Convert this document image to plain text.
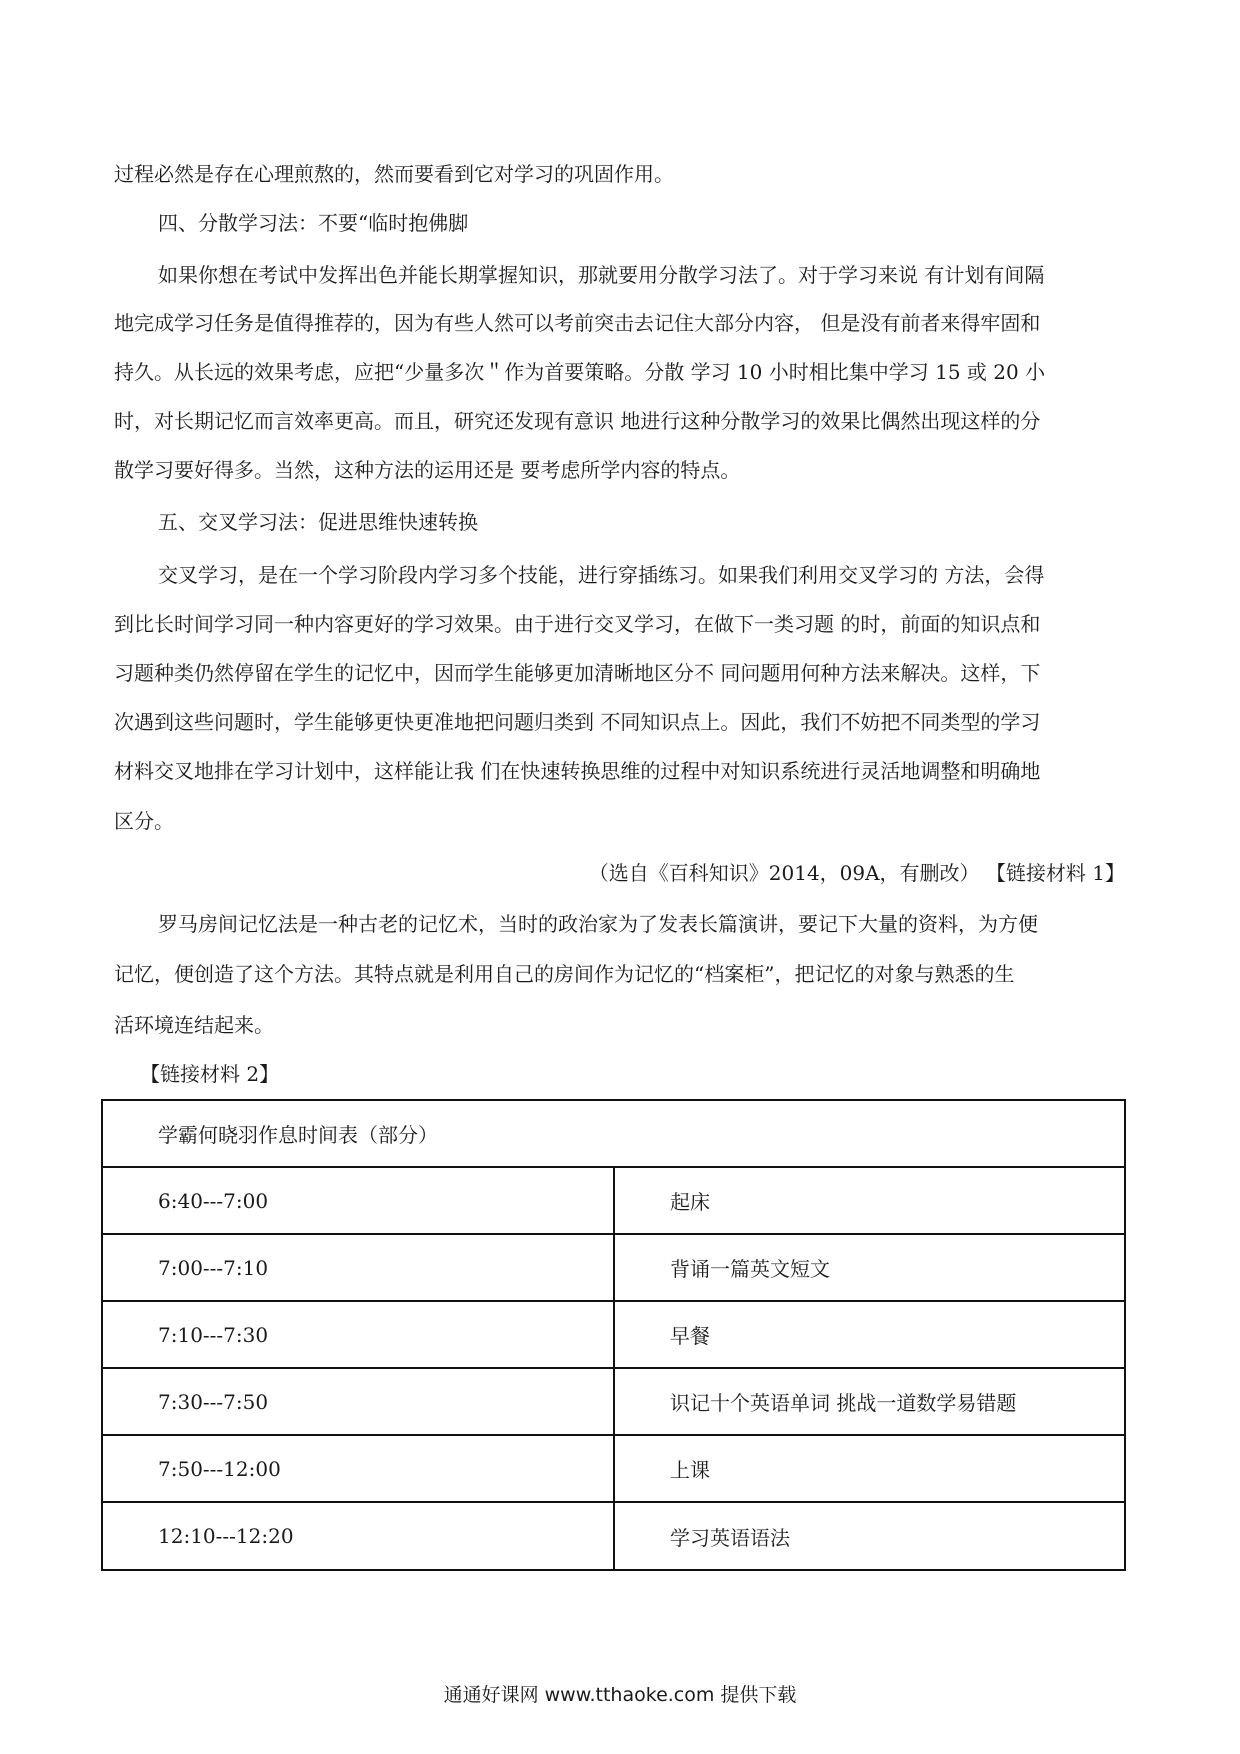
过程必然是存在心理煎熬的，然而要看到它对学习的巩固作用。
四、分散学习法：不要“临时抱佛脚
如果你想在考试中发挥出色并能长期掌握知识，那就要用分散学习法了。对于学习来说 有计划有间隔
地完成学习任务是值得推荐的，因为有些人然可以考前突击去记住大部分内容， 但是没有前者来得牢固和
持久。从长远的效果考虑，应把“少量多次＂作为首要策略。分散 学习 10 小时相比集中学习 15 或 20 小
时，对长期记忆而言效率更高。而且，研究还发现有意识 地进行这种分散学习的效果比偶然出现这样的分
散学习要好得多。当然，这种方法的运用还是 要考虑所学内容的特点。
五、交叉学习法：促进思维快速转换
交叉学习，是在一个学习阶段内学习多个技能，进行穿插练习。如果我们利用交叉学习的 方法，会得
到比长时间学习同一种内容更好的学习效果。由于进行交叉学习，在做下一类习题 的时，前面的知识点和
习题种类仍然停留在学生的记忆中，因而学生能够更加清晰地区分不 同问题用何种方法来解决。这样，下
次遇到这些问题时，学生能够更快更准地把问题归类到 不同知识点上。因此，我们不妨把不同类型的学习
材料交叉地排在学习计划中，这样能让我 们在快速转换思维的过程中对知识系统进行灵活地调整和明确地
区分。
（选自《百科知识》2014，09A，有删改） 【链接材料 1】
罗马房间记忆法是一种古老的记忆术，当时的政治家为了发表长篇演讲，要记下大量的资料，为方便
记忆，便创造了这个方法。其特点就是利用自己的房间作为记忆的“档案柜”，把记忆的对象与熟悉的生
活环境连结起来。
【链接材料 2】
学霸何晓羽作息时间表（部分）
6:40---7:00	起床
7:00---7:10	背诵一篇英文短文
7:10---7:30	早餐
7:30---7:50	识记十个英语单词 挑战一道数学易错题
7:50---12:00	上课
12:10---12:20	学习英语语法
通通好课网 www.tthaoke.com 提供下载
